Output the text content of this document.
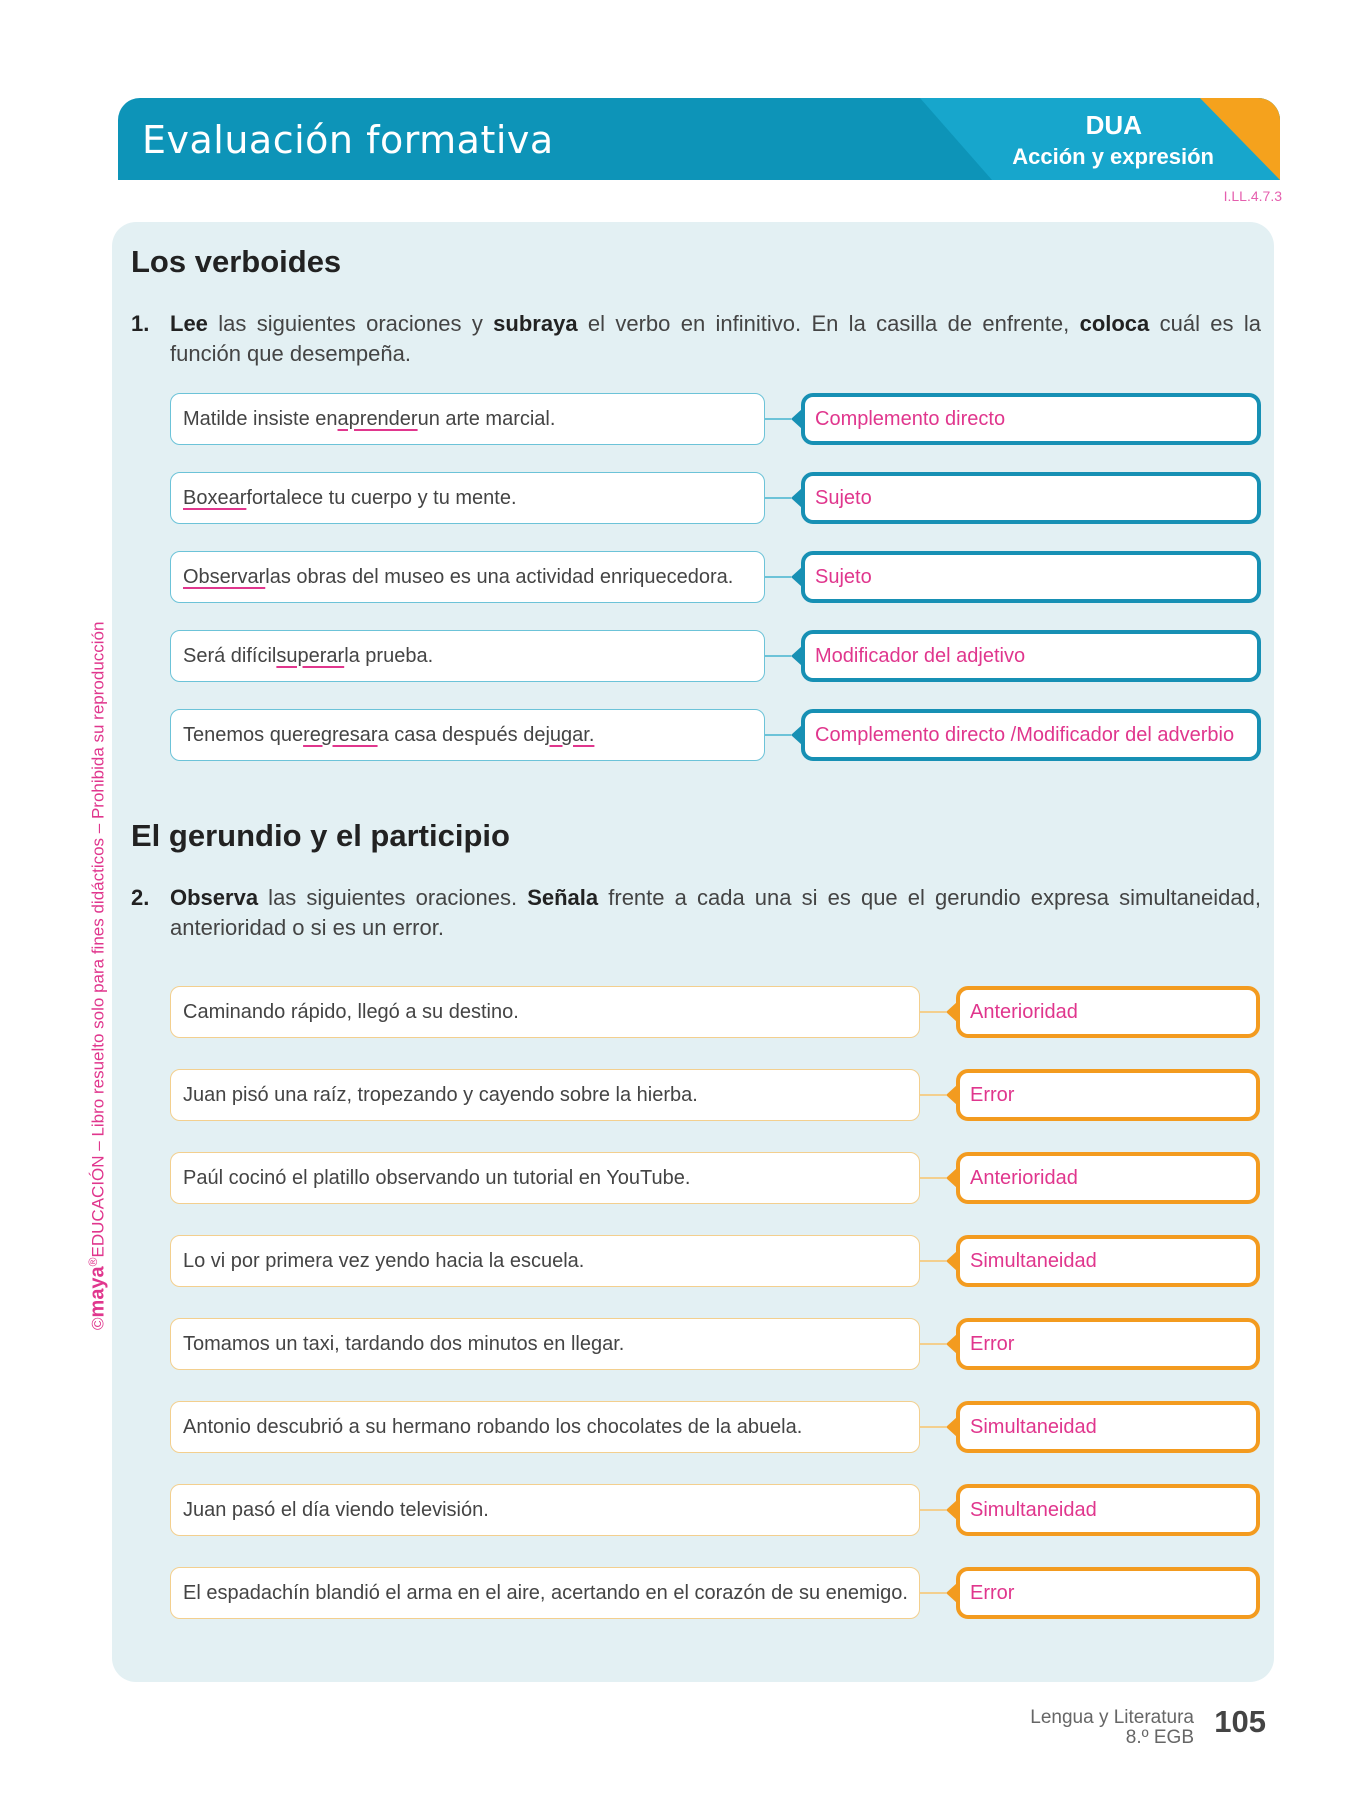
Evaluación formativa	DUA
Acción y expresión
I.LL.4.7.3
©maya®EDUCACIÓN – Libro resuelto solo para fines didácticos – Prohibida su reproducción
Los verboides
1. Lee las siguientes oraciones y subraya el verbo en infinitivo. En la casilla de enfrente, coloca cuál es la función que desempeña.
Matilde insiste en aprender un arte marcial.	Complemento directo
Boxear fortalece tu cuerpo y tu mente.	Sujeto
Observar las obras del museo es una actividad enriquecedora.	Sujeto
Será difícil superar la prueba.	Modificador del adjetivo
Tenemos que regresar a casa después de jugar.	Complemento directo /Modificador del adverbio
El gerundio y el participio
2. Observa las siguientes oraciones. Señala frente a cada una si es que el gerundio expresa simultaneidad, anterioridad o si es un error.
Caminando rápido, llegó a su destino.	Anterioridad
Juan pisó una raíz, tropezando y cayendo sobre la hierba.	Error
Paúl cocinó el platillo observando un tutorial en YouTube.	Anterioridad
Lo vi por primera vez yendo hacia la escuela.	Simultaneidad
Tomamos un taxi, tardando dos minutos en llegar.	Error
Antonio descubrió a su hermano robando los chocolates de la abuela.	Simultaneidad
Juan pasó el día viendo televisión.	Simultaneidad
El espadachín blandió el arma en el aire, acertando en el corazón de su enemigo.	Error
Lengua y Literatura
8.º EGB 105
